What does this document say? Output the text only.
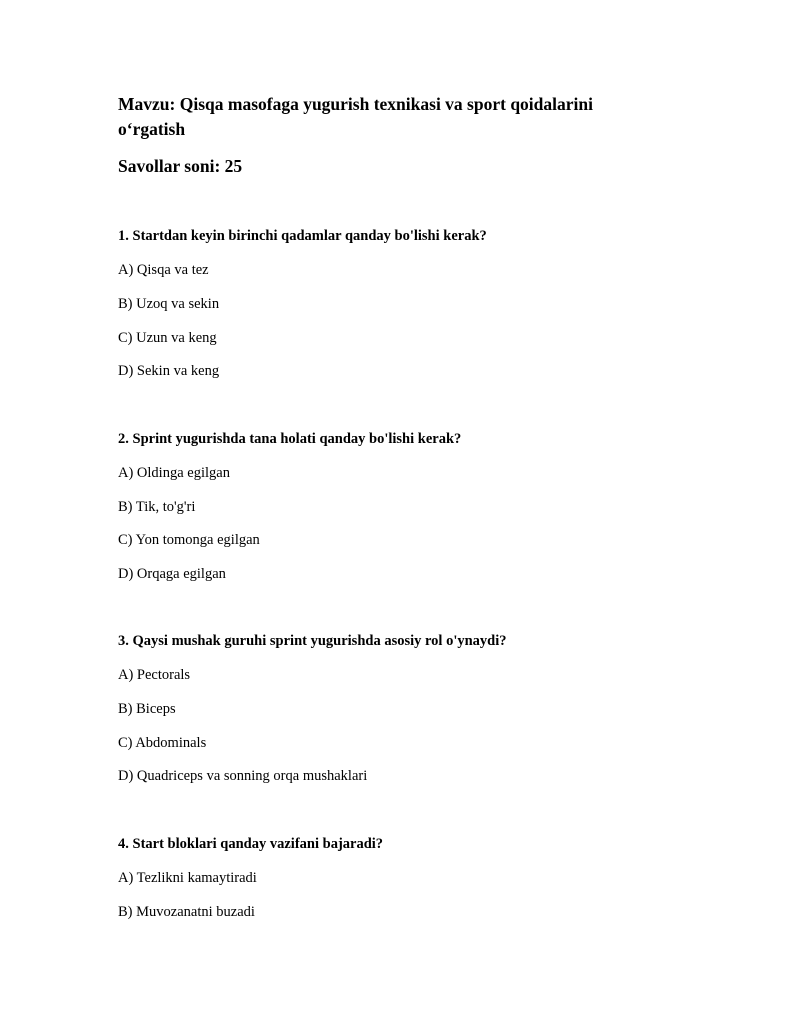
Mavzu: Qisqa masofaga yugurish texnikasi va sport qoidalarini o‘rgatish
Savollar soni: 25

1. Startdan keyin birinchi qadamlar qanday bo'lishi kerak?

A) Qisqa va tez

B) Uzoq va sekin

C) Uzun va keng

D) Sekin va keng

2. Sprint yugurishda tana holati qanday bo'lishi kerak?

A) Oldinga egilgan

B) Tik, to'g'ri

C) Yon tomonga egilgan

D) Orqaga egilgan

3. Qaysi mushak guruhi sprint yugurishda asosiy rol o'ynaydi?

A) Pectorals

B) Biceps

C) Abdominals

D) Quadriceps va sonning orqa mushaklari

4. Start bloklari qanday vazifani bajaradi?

A) Tezlikni kamaytiradi

B) Muvozanatni buzadi
